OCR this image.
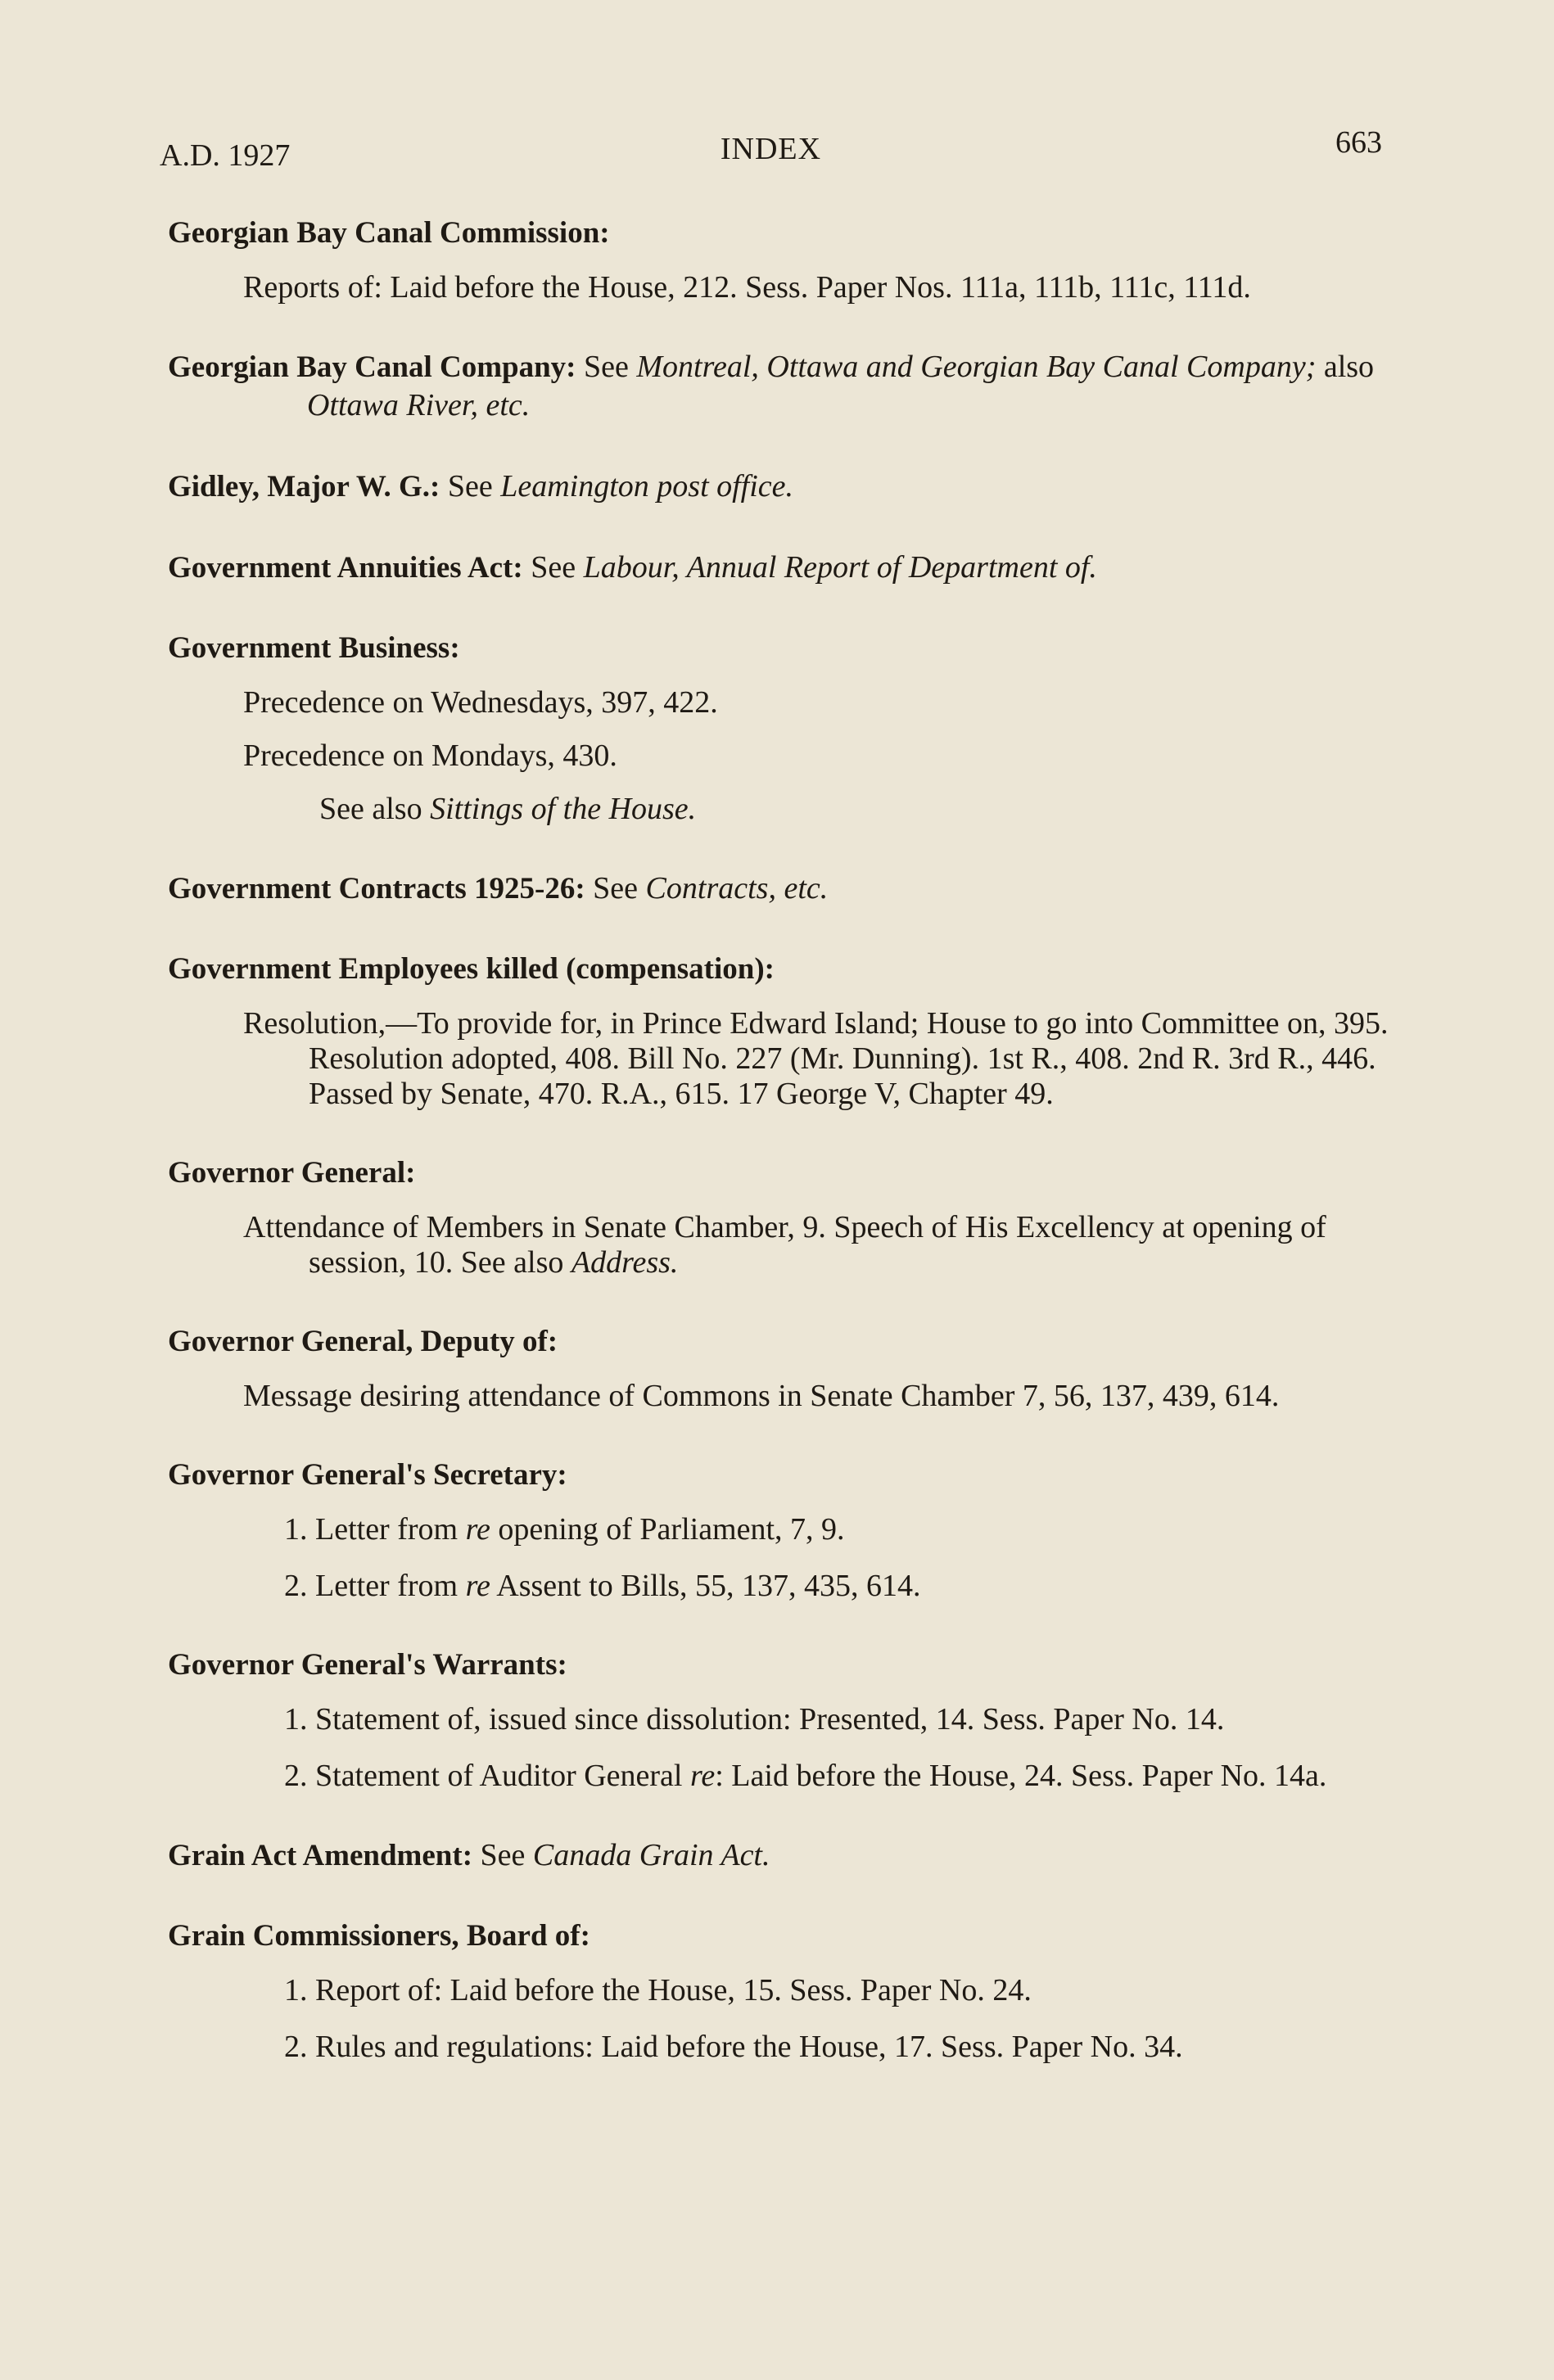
A.D. 1927	INDEX	663
Georgian Bay Canal Commission:
Reports of: Laid before the House, 212. Sess. Paper Nos. 111a, 111b, 111c, 111d.
Georgian Bay Canal Company: See Montreal, Ottawa and Georgian Bay Canal Company; also Ottawa River, etc.
Gidley, Major W. G.: See Leamington post office.
Government Annuities Act: See Labour, Annual Report of Department of.
Government Business:
Precedence on Wednesdays, 397, 422.
Precedence on Mondays, 430.
See also Sittings of the House.
Government Contracts 1925-26: See Contracts, etc.
Government Employees killed (compensation):
Resolution,—To provide for, in Prince Edward Island; House to go into Committee on, 395. Resolution adopted, 408. Bill No. 227 (Mr. Dunning). 1st R., 408. 2nd R. 3rd R., 446. Passed by Senate, 470. R.A., 615. 17 George V, Chapter 49.
Governor General:
Attendance of Members in Senate Chamber, 9. Speech of His Excellency at opening of session, 10. See also Address.
Governor General, Deputy of:
Message desiring attendance of Commons in Senate Chamber 7, 56, 137, 439, 614.
Governor General's Secretary:
1. Letter from re opening of Parliament, 7, 9.
2. Letter from re Assent to Bills, 55, 137, 435, 614.
Governor General's Warrants:
1. Statement of, issued since dissolution: Presented, 14. Sess. Paper No. 14.
2. Statement of Auditor General re: Laid before the House, 24. Sess. Paper No. 14a.
Grain Act Amendment: See Canada Grain Act.
Grain Commissioners, Board of:
1. Report of: Laid before the House, 15. Sess. Paper No. 24.
2. Rules and regulations: Laid before the House, 17. Sess. Paper No. 34.
